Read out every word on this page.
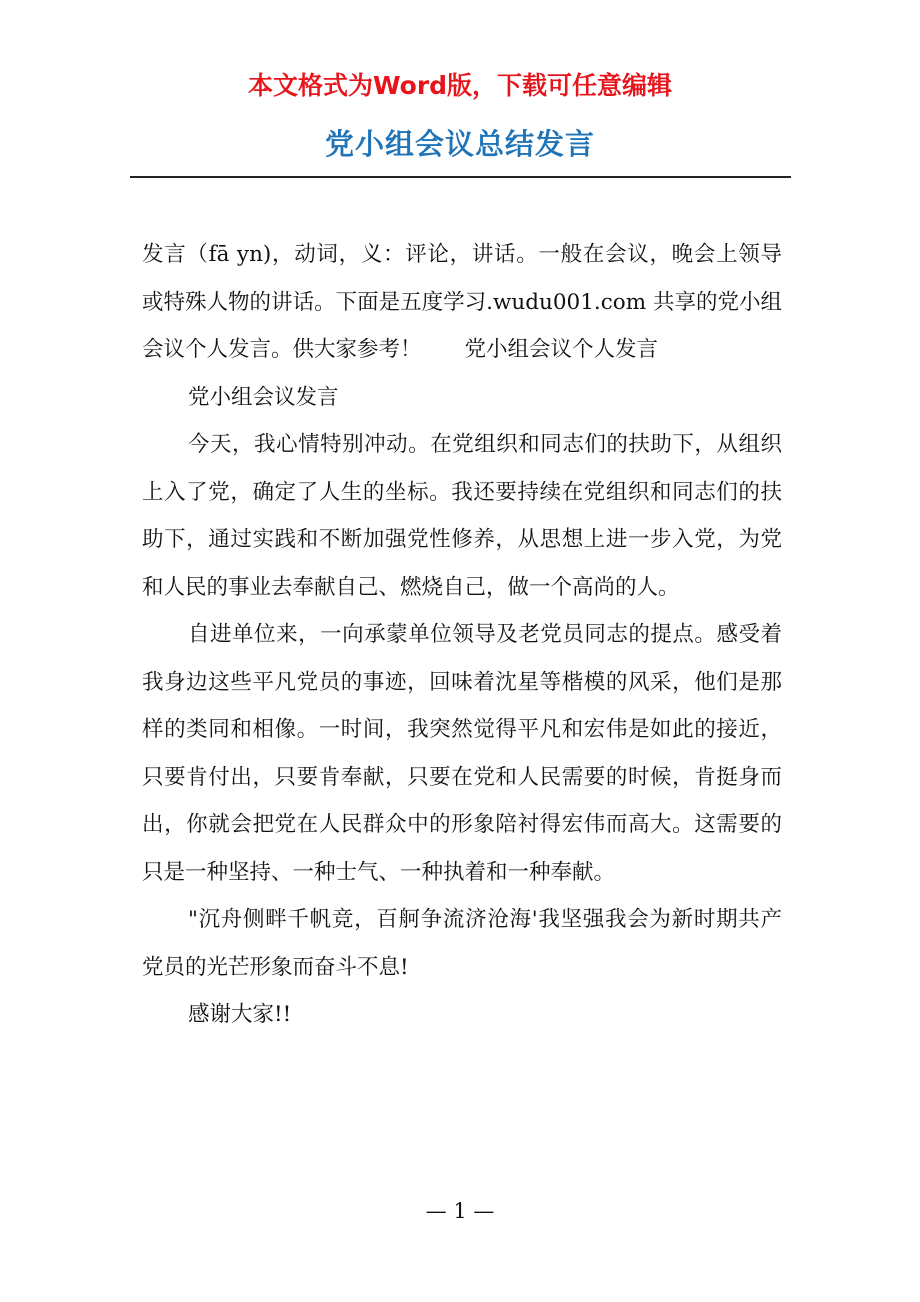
本文格式为Word版，下载可任意编辑
党小组会议总结发言

发言（fā yn)，动词，义：评论，讲话。一般在会议，晚会上领导或特殊人物的讲话。下面是五度学习.wudu001.com 共享的党小组会议个人发言。供大家参考！　　党小组会议个人发言

党小组会议发言

今天，我心情特别冲动。在党组织和同志们的扶助下，从组织上入了党，确定了人生的坐标。我还要持续在党组织和同志们的扶助下，通过实践和不断加强党性修养，从思想上进一步入党，为党和人民的事业去奉献自己、燃烧自己，做一个高尚的人。

自进单位来，一向承蒙单位领导及老党员同志的提点。感受着我身边这些平凡党员的事迹，回味着沈星等楷模的风采，他们是那样的类同和相像。一时间，我突然觉得平凡和宏伟是如此的接近，只要肯付出，只要肯奉献，只要在党和人民需要的时候，肯挺身而出，你就会把党在人民群众中的形象陪衬得宏伟而高大。这需要的只是一种坚持、一种士气、一种执着和一种奉献。

"沉舟侧畔千帆竞，百舸争流济沧海'我坚强我会为新时期共产党员的光芒形象而奋斗不息!

感谢大家!!

— 1 —
